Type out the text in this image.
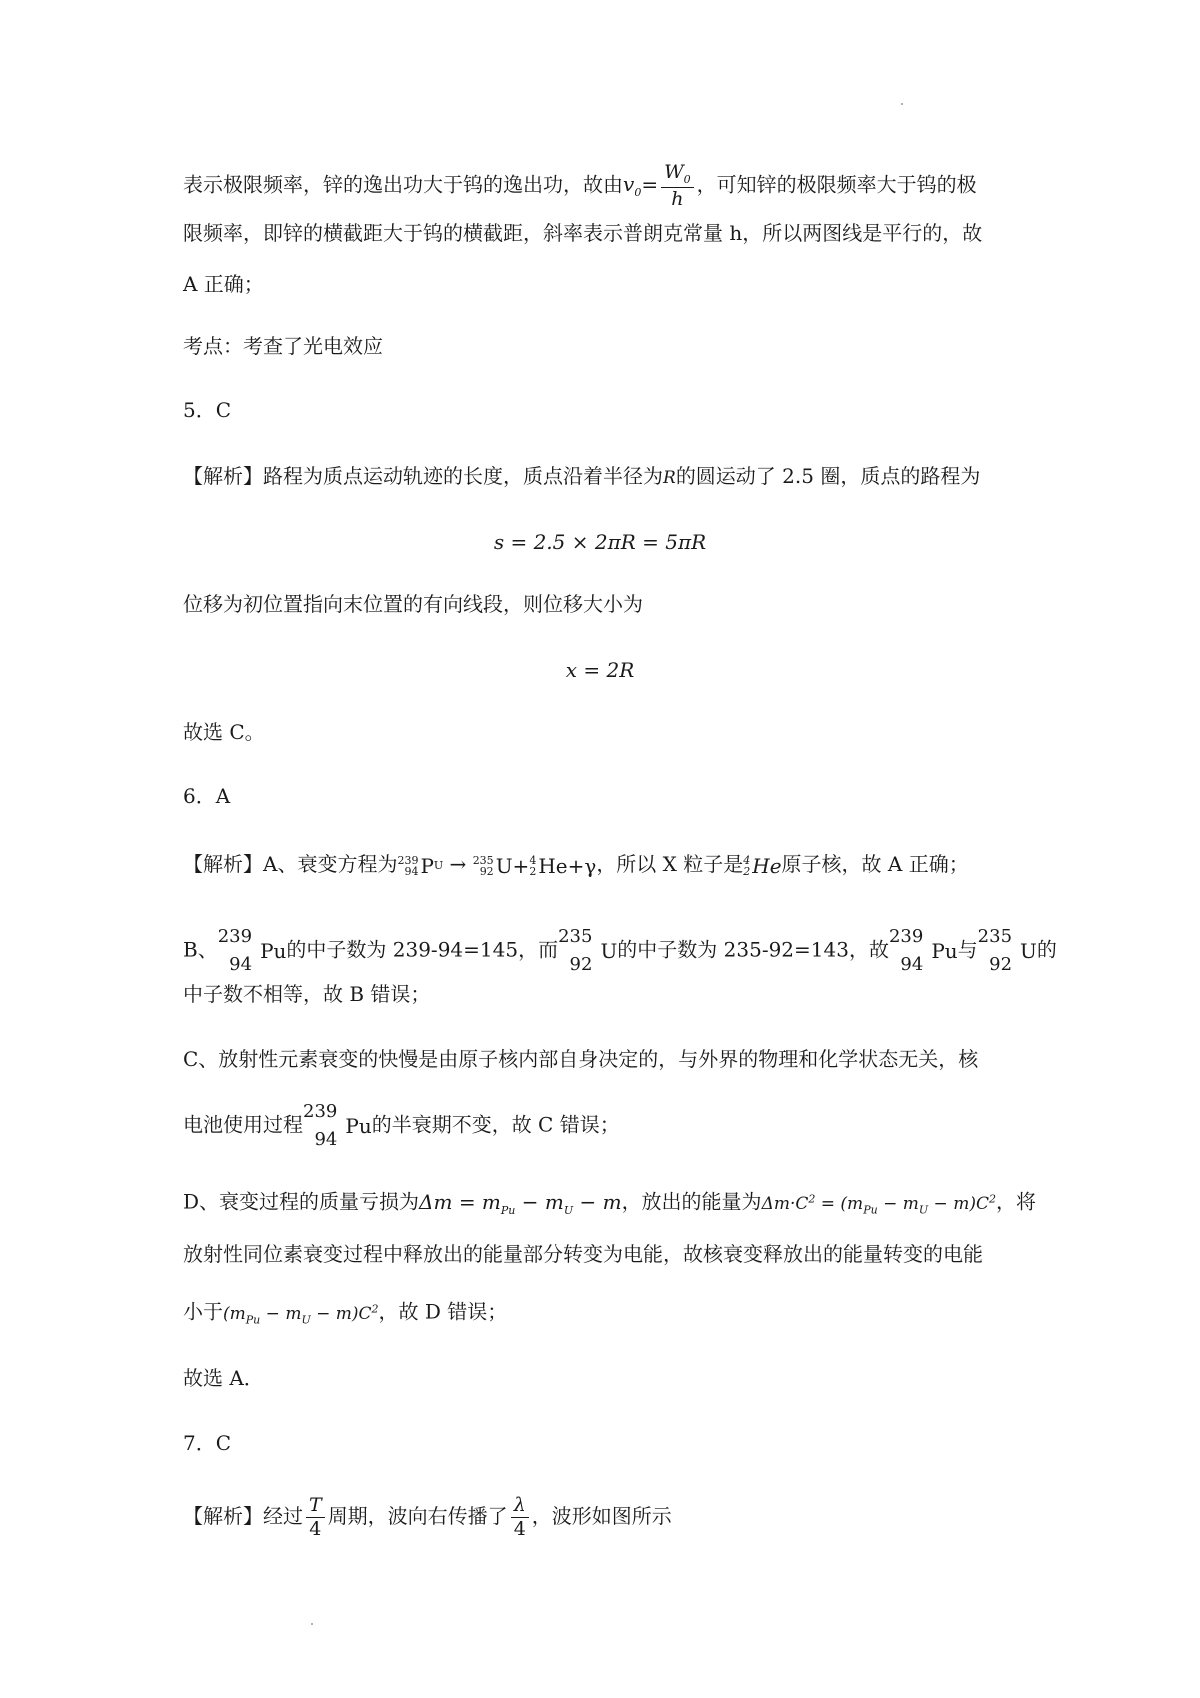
表示极限频率，锌的逸出功大于钨的逸出功，故由$v_0= \frac{W_0}{h}$ ，可知锌的极限频率大于钨的极
限频率，即锌的横截距大于钨的横截距，斜率表示普朗克常量 h，所以两图线是平行的，故
A 正确；
考点：考查了光电效应
5．C
【解析】路程为质点运动轨迹的长度，质点沿着半径为R的圆运动了 2.5 圈，质点的路程为
s = 2.5 × 2πR = 5πR
位移为初位置指向末位置的有向线段，则位移大小为
x = 2R
故选 C。
6．A
【解析】A、衰变方程为 239
94 P U → 235
92 U+ 4
2 He+γ ，所以 X 粒子是 4
2 He 原子核，故 A 正确；
B、
239
94
Pu 的中子数为 239-94=145，而
235
92
U 的中子数为 235-92=143，故
239
94
Pu 与
235
92
U 的
中子数不相等，故 B 错误；
C、放射性元素衰变的快慢是由原子核内部自身决定的，与外界的物理和化学状态无关，核
电池使用过程
239
94
Pu 的半衰期不变，故 C 错误；
D、衰变过程的质量亏损为$\Delta m = m_{Pu} - m_U - m$，放出的能量为$\Delta m\cdot C^2 = (m_{Pu} - m_U - m)C^2$，将
放射性同位素衰变过程中释放出的能量部分转变为电能，故核衰变释放出的能量转变的电能
小于$(m_{Pu} - m_U - m)C^2$，故 D 错误；
故选 A．
7．C
【解析】经过 $\frac{T}{4}$ 周期，波向右传播了 $\frac{\lambda}{4}$ ，波形如图所示
